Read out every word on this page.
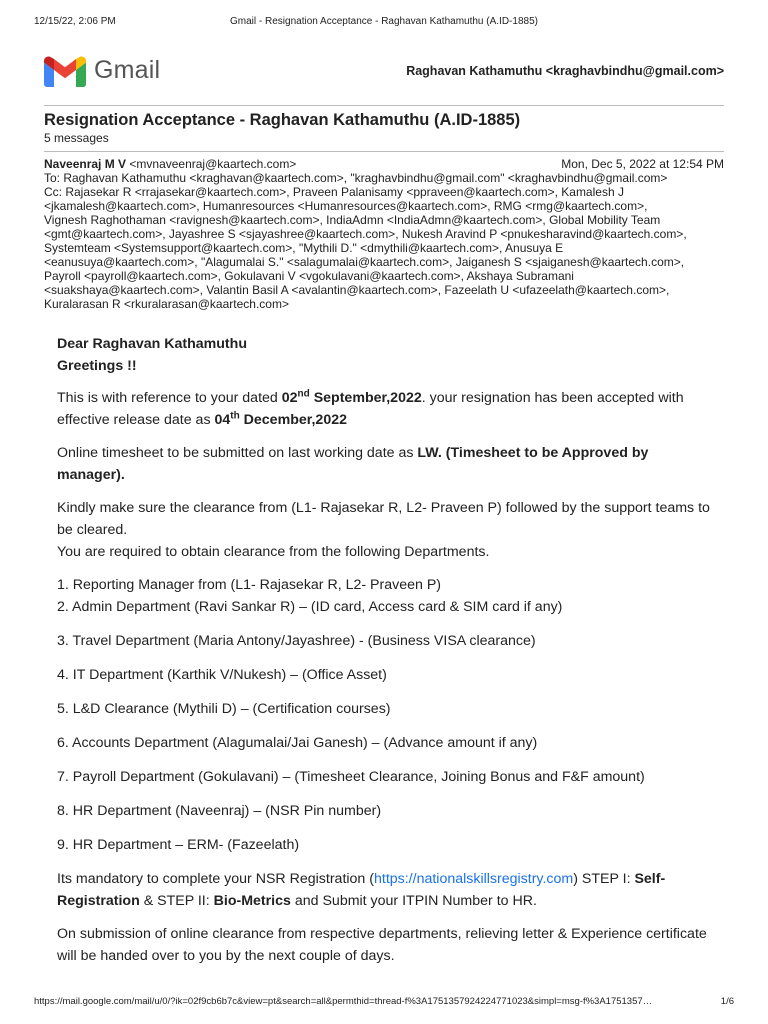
12/15/22, 2:06 PM	Gmail - Resignation Acceptance - Raghavan Kathamuthu (A.ID-1885)
Gmail	Raghavan Kathamuthu <kraghavbindhu@gmail.com>
Resignation Acceptance - Raghavan Kathamuthu (A.ID-1885)
5 messages
Naveenraj M V <mvnaveenraj@kaartech.com>	Mon, Dec 5, 2022 at 12:54 PM
To: Raghavan Kathamuthu <kraghavan@kaartech.com>, "kraghavbindhu@gmail.com" <kraghavbindhu@gmail.com>
Cc: Rajasekar R <rrajasekar@kaartech.com>, Praveen Palanisamy <ppraveen@kaartech.com>, Kamalesh J
<jkamalesh@kaartech.com>, Humanresources <Humanresources@kaartech.com>, RMG <rmg@kaartech.com>,
Vignesh Raghothaman <ravignesh@kaartech.com>, IndiaAdmn <IndiaAdmn@kaartech.com>, Global Mobility Team
<gmt@kaartech.com>, Jayashree S <sjayashree@kaartech.com>, Nukesh Aravind P <pnukesharavind@kaartech.com>,
Systemteam <Systemsupport@kaartech.com>, "Mythili D." <dmythili@kaartech.com>, Anusuya E
<eanusuya@kaartech.com>, "Alagumalai S." <salagumalai@kaartech.com>, Jaiganesh S <sjaiganesh@kaartech.com>,
Payroll <payroll@kaartech.com>, Gokulavani V <vgokulavani@kaartech.com>, Akshaya Subramani
<suakshaya@kaartech.com>, Valantin Basil A <avalantin@kaartech.com>, Fazeelath U <ufazeelath@kaartech.com>,
Kuralarasan R <rkuralarasan@kaartech.com>

Dear Raghavan Kathamuthu

Greetings !!

This is with reference to your dated 02nd September,2022. your resignation has been accepted with effective release date as 04th December,2022

Online timesheet to be submitted on last working date as LW. (Timesheet to be Approved by manager).

Kindly make sure the clearance from (L1- Rajasekar R, L2- Praveen P) followed by the support teams to be cleared.

You are required to obtain clearance from the following Departments.

1. Reporting Manager from (L1- Rajasekar R, L2- Praveen P)

2. Admin Department (Ravi Sankar R) – (ID card, Access card & SIM card if any)

3. Travel Department (Maria Antony/Jayashree) - (Business VISA clearance)

4. IT Department (Karthik V/Nukesh) – (Office Asset)

5. L&D Clearance (Mythili D) – (Certification courses)

6. Accounts Department (Alagumalai/Jai Ganesh) – (Advance amount if any)

7. Payroll Department (Gokulavani) – (Timesheet Clearance, Joining Bonus and F&F amount)

8. HR Department (Naveenraj) – (NSR Pin number)

9. HR Department – ERM- (Fazeelath)

Its mandatory to complete your NSR Registration (https://nationalskillsregistry.com) STEP I: Self-Registration & STEP II: Bio-Metrics and Submit your ITPIN Number to HR.

On submission of online clearance from respective departments, relieving letter & Experience certificate will be handed over to you by the next couple of days.

https://mail.google.com/mail/u/0/?ik=02f9cb6b7c&view=pt&search=all&permthid=thread-f%3A1751357924224771023&simpl=msg-f%3A1751357…	1/6
